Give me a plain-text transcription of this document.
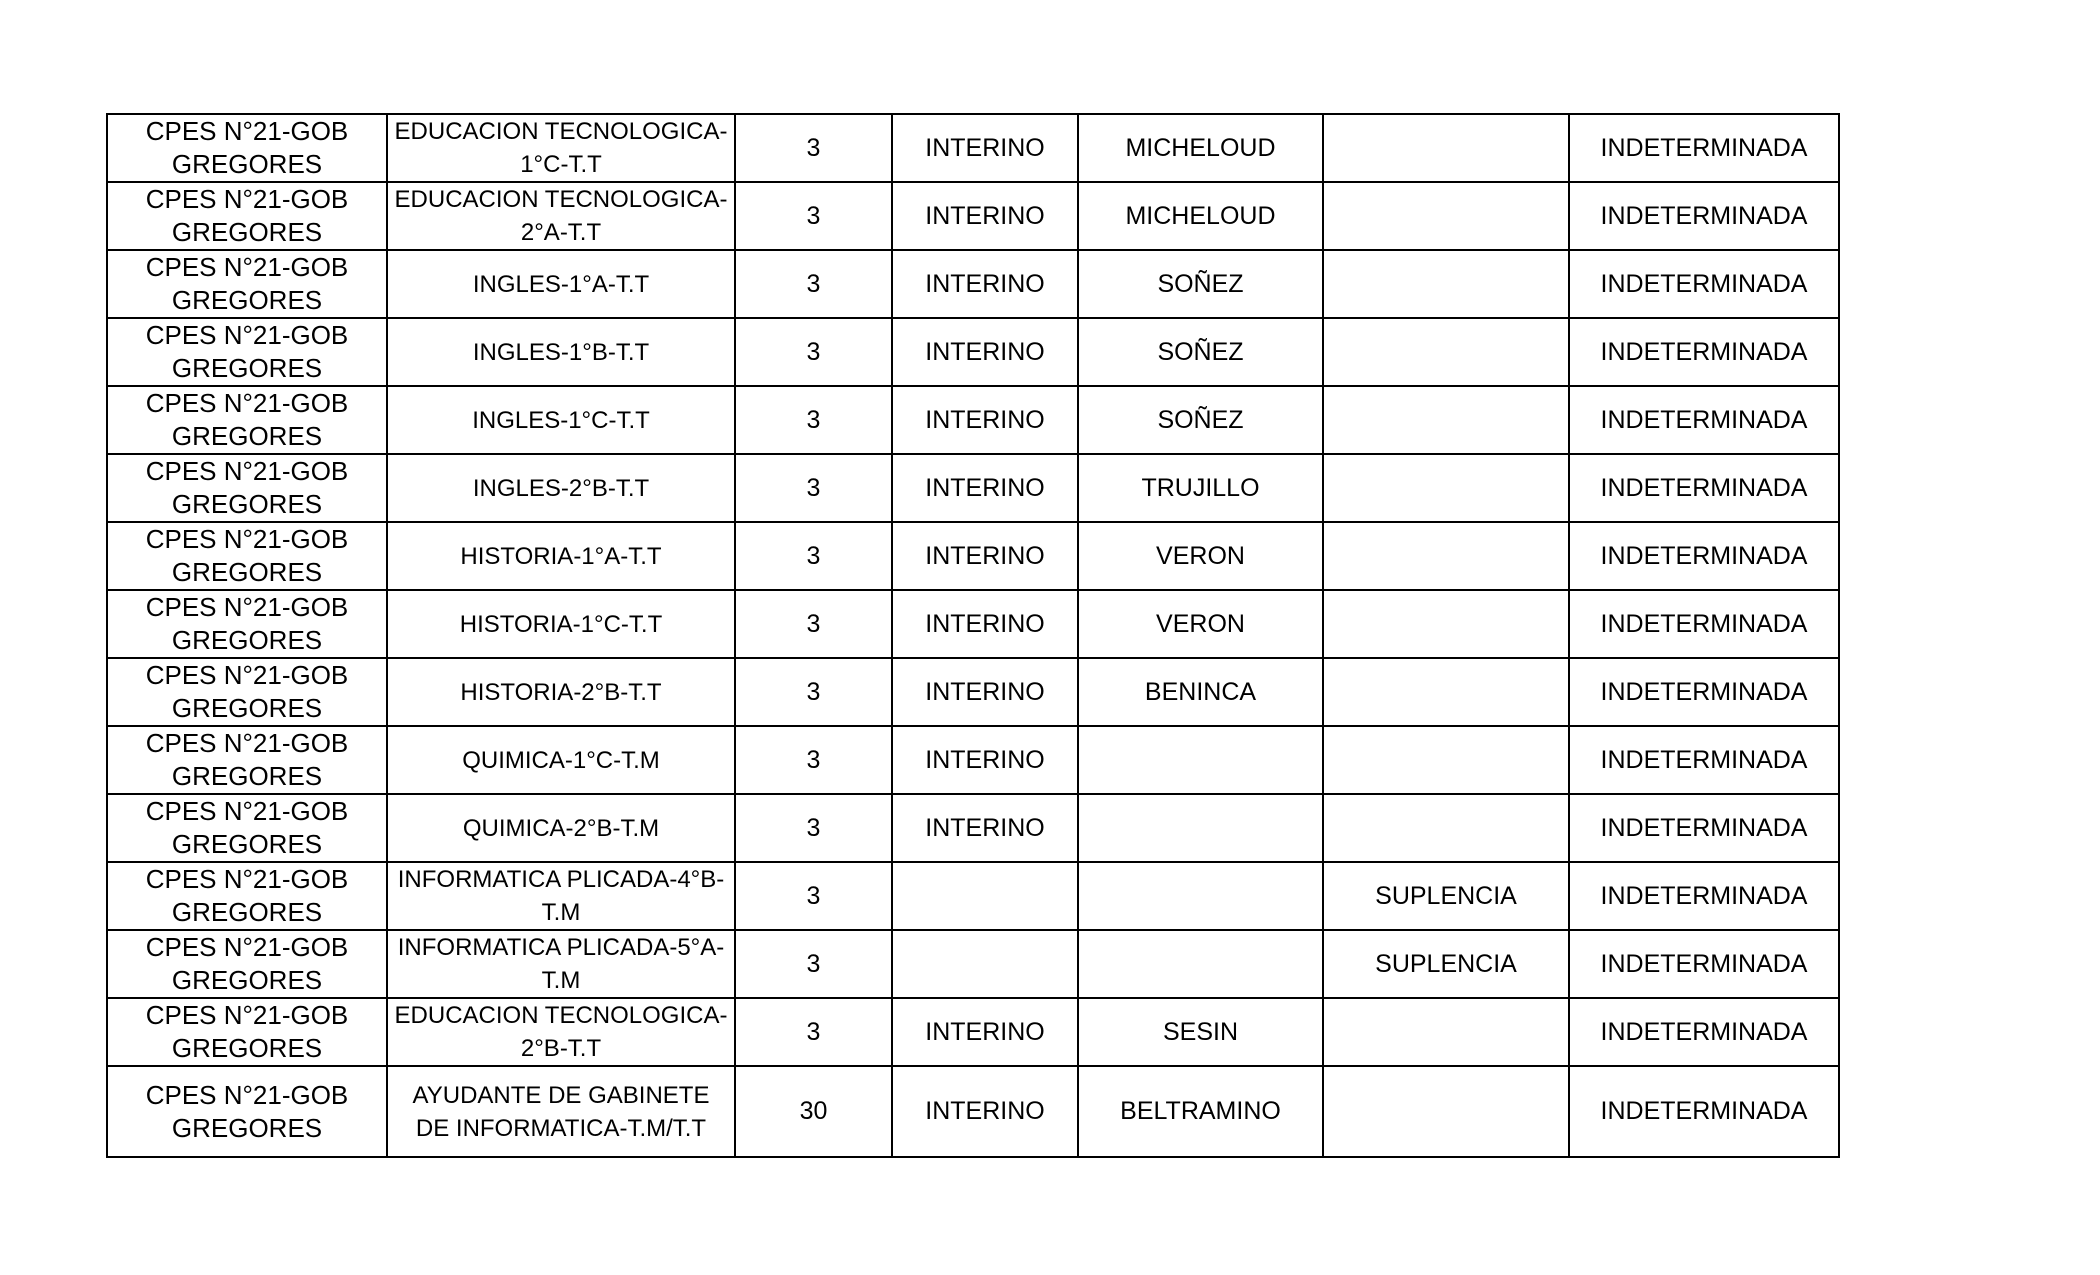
CPES N°21-GOB GREGORES	EDUCACION TECNOLOGICA-1°C-T.T	3	INTERINO	MICHELOUD		INDETERMINADA
CPES N°21-GOB GREGORES	EDUCACION TECNOLOGICA-2°A-T.T	3	INTERINO	MICHELOUD		INDETERMINADA
CPES N°21-GOB GREGORES	INGLES-1°A-T.T	3	INTERINO	SOÑEZ		INDETERMINADA
CPES N°21-GOB GREGORES	INGLES-1°B-T.T	3	INTERINO	SOÑEZ		INDETERMINADA
CPES N°21-GOB GREGORES	INGLES-1°C-T.T	3	INTERINO	SOÑEZ		INDETERMINADA
CPES N°21-GOB GREGORES	INGLES-2°B-T.T	3	INTERINO	TRUJILLO		INDETERMINADA
CPES N°21-GOB GREGORES	HISTORIA-1°A-T.T	3	INTERINO	VERON		INDETERMINADA
CPES N°21-GOB GREGORES	HISTORIA-1°C-T.T	3	INTERINO	VERON		INDETERMINADA
CPES N°21-GOB GREGORES	HISTORIA-2°B-T.T	3	INTERINO	BENINCA		INDETERMINADA
CPES N°21-GOB GREGORES	QUIMICA-1°C-T.M	3	INTERINO			INDETERMINADA
CPES N°21-GOB GREGORES	QUIMICA-2°B-T.M	3	INTERINO			INDETERMINADA
CPES N°21-GOB GREGORES	INFORMATICA PLICADA-4°B-T.M	3			SUPLENCIA	INDETERMINADA
CPES N°21-GOB GREGORES	INFORMATICA PLICADA-5°A-T.M	3			SUPLENCIA	INDETERMINADA
CPES N°21-GOB GREGORES	EDUCACION TECNOLOGICA-2°B-T.T	3	INTERINO	SESIN		INDETERMINADA
CPES N°21-GOB GREGORES	AYUDANTE DE GABINETE DE INFORMATICA-T.M/T.T	30	INTERINO	BELTRAMINO		INDETERMINADA
